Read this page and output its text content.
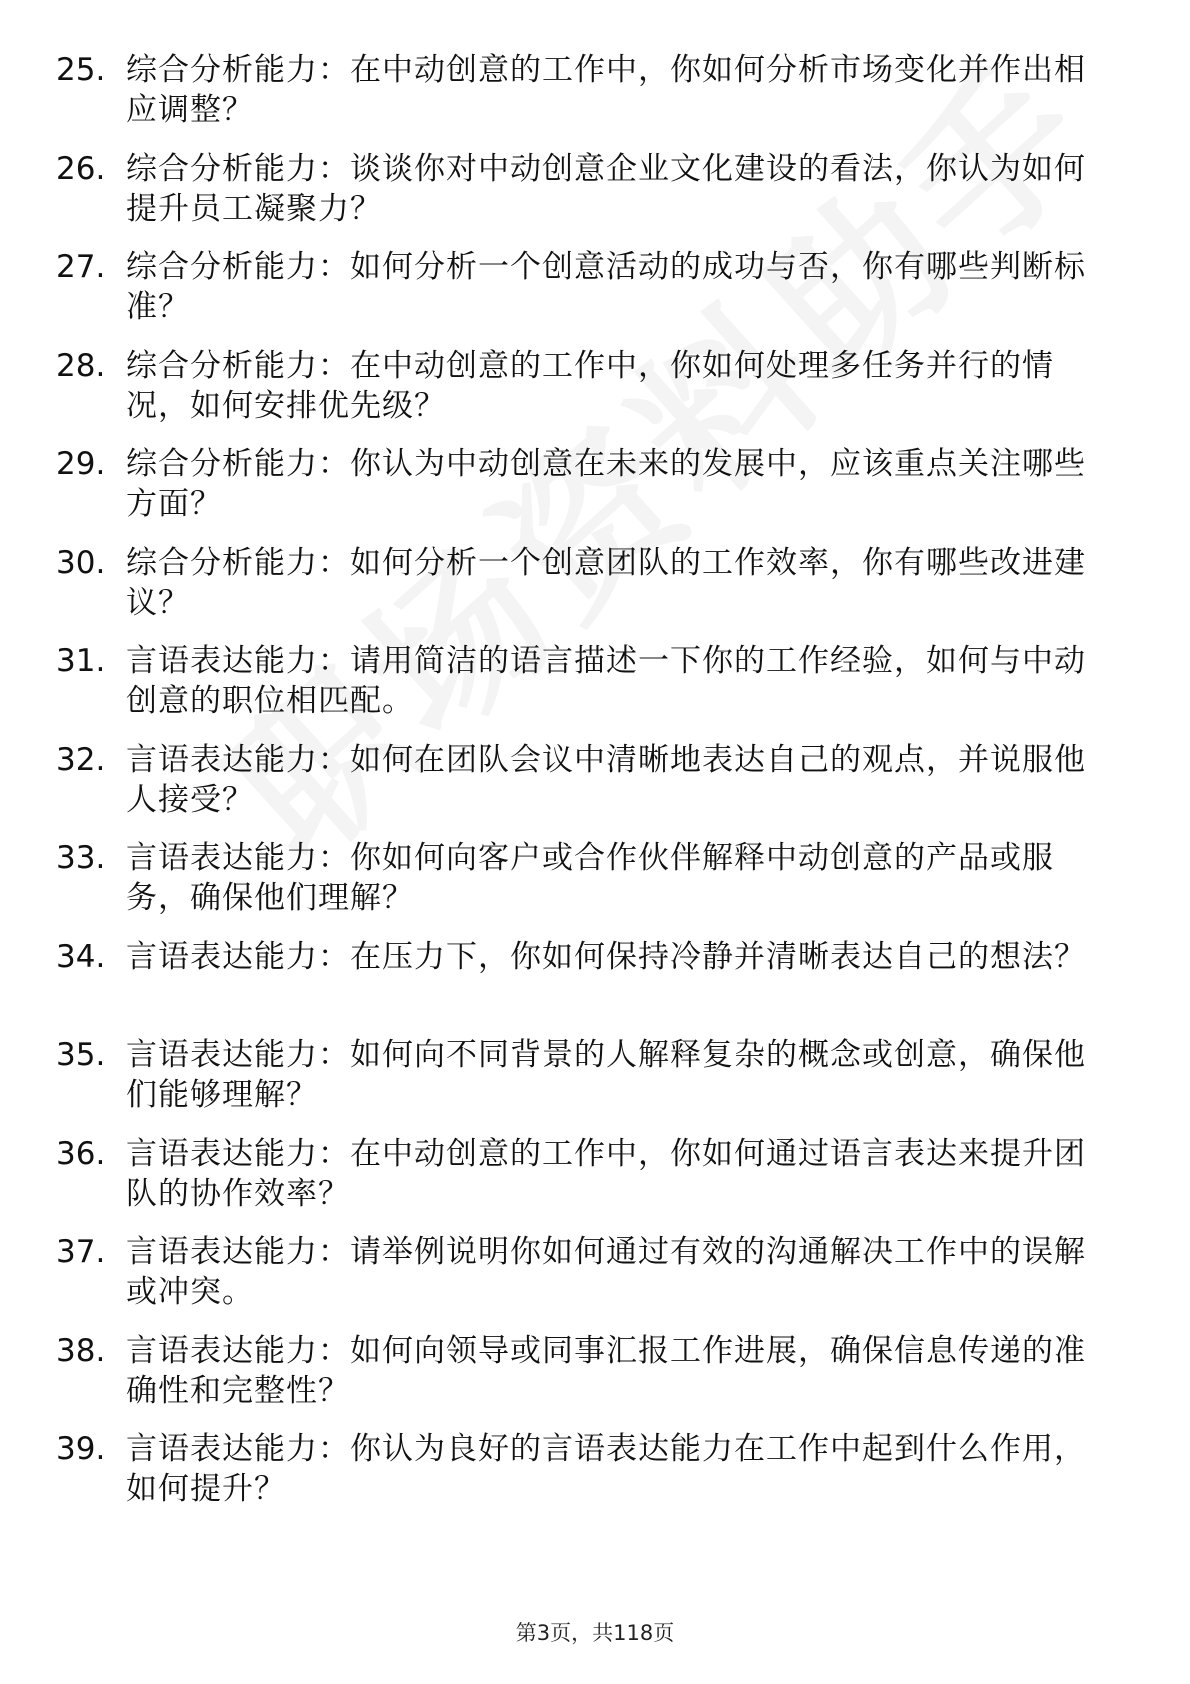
25. 综合分析能力：在中动创意的工作中，你如何分析市场变化并作出相应调整？
26. 综合分析能力：谈谈你对中动创意企业文化建设的看法，你认为如何提升员工凝聚力？
27. 综合分析能力：如何分析一个创意活动的成功与否，你有哪些判断标准？
28. 综合分析能力：在中动创意的工作中，你如何处理多任务并行的情况，如何安排优先级？
29. 综合分析能力：你认为中动创意在未来的发展中，应该重点关注哪些方面？
30. 综合分析能力：如何分析一个创意团队的工作效率，你有哪些改进建议？
31. 言语表达能力：请用简洁的语言描述一下你的工作经验，如何与中动创意的职位相匹配。
32. 言语表达能力：如何在团队会议中清晰地表达自己的观点，并说服他人接受？
33. 言语表达能力：你如何向客户或合作伙伴解释中动创意的产品或服务，确保他们理解？
34. 言语表达能力：在压力下，你如何保持冷静并清晰表达自己的想法？
35. 言语表达能力：如何向不同背景的人解释复杂的概念或创意，确保他们能够理解？
36. 言语表达能力：在中动创意的工作中，你如何通过语言表达来提升团队的协作效率？
37. 言语表达能力：请举例说明你如何通过有效的沟通解决工作中的误解或冲突。
38. 言语表达能力：如何向领导或同事汇报工作进展，确保信息传递的准确性和完整性？
39. 言语表达能力：你认为良好的言语表达能力在工作中起到什么作用，如何提升？
第3页，共118页
